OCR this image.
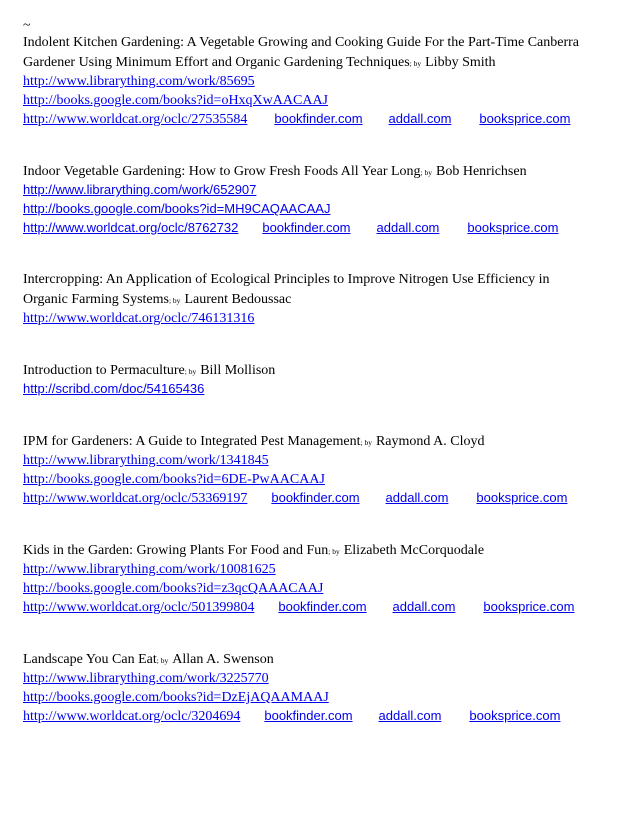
~
Indolent Kitchen Gardening: A Vegetable Growing and Cooking Guide For the Part-Time Canberra
Gardener Using Minimum Effort and Organic Gardening Techniques; by Libby Smith
http://www.librarything.com/work/85695
http://books.google.com/books?id=oHxqXwAACAAJ
http://www.worldcat.org/oclc/27535584 bookfinder.com addall.com booksprice.com
Indoor Vegetable Gardening: How to Grow Fresh Foods All Year Long; by Bob Henrichsen
http://www.librarything.com/work/652907
http://books.google.com/books?id=MH9CAQAACAAJ
http://www.worldcat.org/oclc/8762732 bookfinder.com addall.com booksprice.com
Intercropping: An Application of Ecological Principles to Improve Nitrogen Use Efficiency in
Organic Farming Systems; by Laurent Bedoussac
http://www.worldcat.org/oclc/746131316
Introduction to Permaculture; by Bill Mollison
http://scribd.com/doc/54165436
IPM for Gardeners: A Guide to Integrated Pest Management; by Raymond A. Cloyd
http://www.librarything.com/work/1341845
http://books.google.com/books?id=6DE-PwAACAAJ
http://www.worldcat.org/oclc/53369197 bookfinder.com addall.com booksprice.com
Kids in the Garden: Growing Plants For Food and Fun; by Elizabeth McCorquodale
http://www.librarything.com/work/10081625
http://books.google.com/books?id=z3qcQAAACAAJ
http://www.worldcat.org/oclc/501399804 bookfinder.com addall.com booksprice.com
Landscape You Can Eat; by Allan A. Swenson
http://www.librarything.com/work/3225770
http://books.google.com/books?id=DzEjAQAAMAAJ
http://www.worldcat.org/oclc/3204694 bookfinder.com addall.com booksprice.com
